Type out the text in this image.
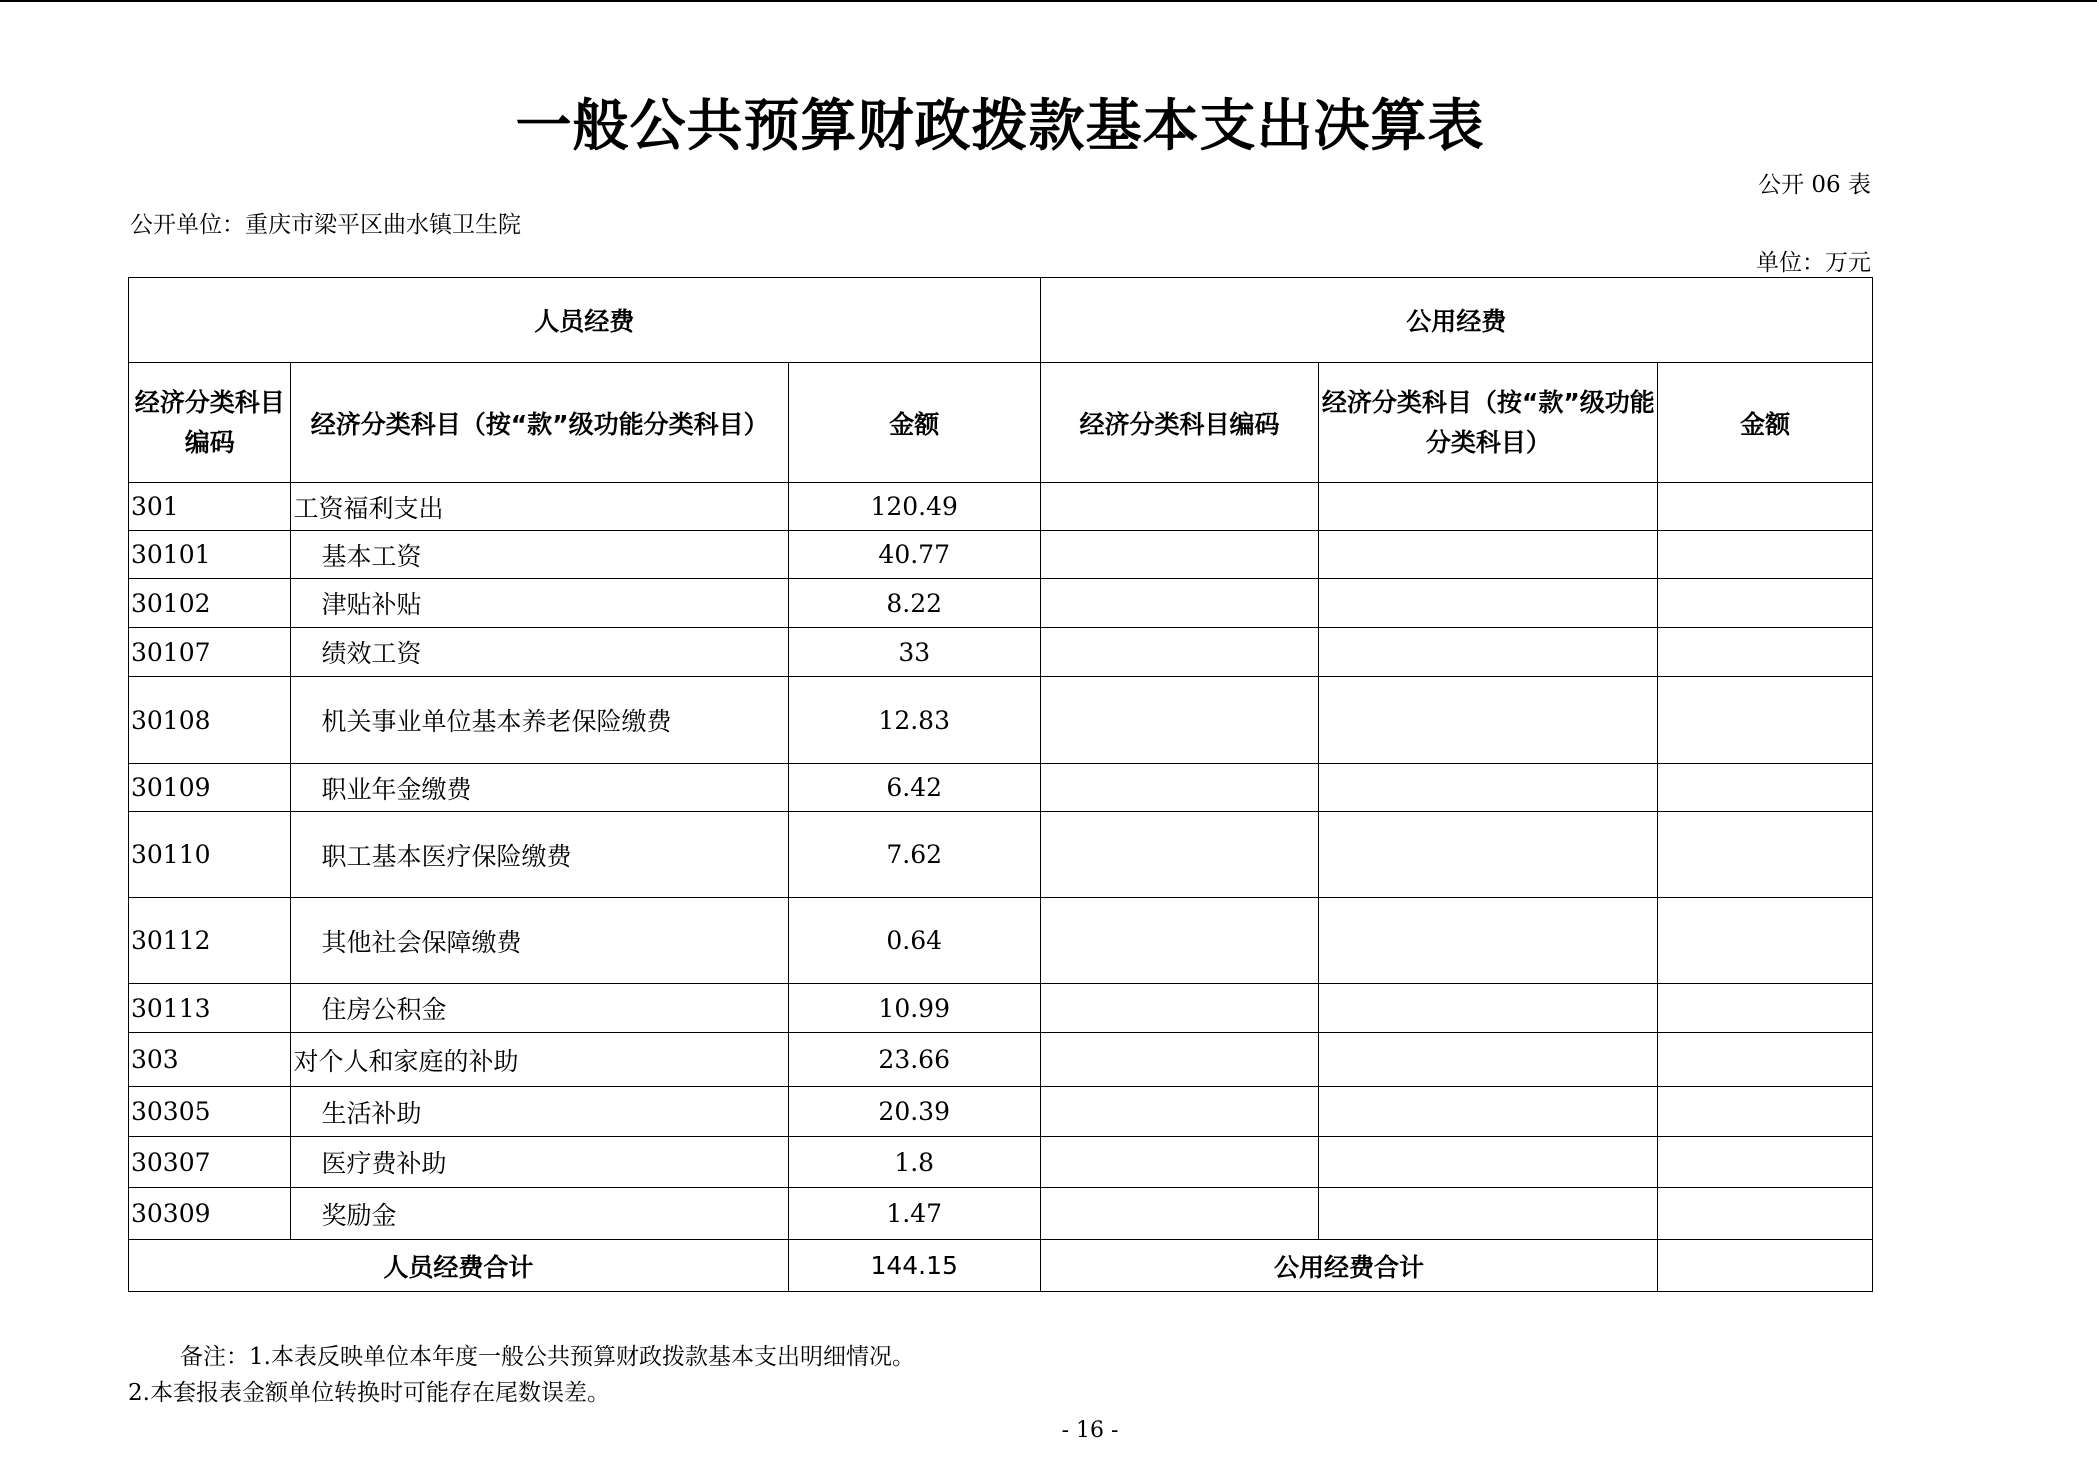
一般公共预算财政拨款基本支出决算表
公开 06 表
公开单位：重庆市梁平区曲水镇卫生院
单位：万元
人员经费			公用经费		
经济分类科目编码	经济分类科目（按“款”级功能分类科目）	金额	经济分类科目编码	经济分类科目（按“款”级功能分类科目）	金额
301	工资福利支出	120.49			
30101	基本工资	40.77			
30102	津贴补贴	8.22			
30107	绩效工资	33			
30108	机关事业单位基本养老保险缴费	12.83			
30109	职业年金缴费	6.42			
30110	职工基本医疗保险缴费	7.62			
30112	其他社会保障缴费	0.64			
30113	住房公积金	10.99			
303	对个人和家庭的补助	23.66			
30305	生活补助	20.39			
30307	医疗费补助	1.8			
30309	奖励金	1.47			
人员经费合计		144.15	公用经费合计		
备注：1.本表反映单位本年度一般公共预算财政拨款基本支出明细情况。
2.本套报表金额单位转换时可能存在尾数误差。
- 16 -
